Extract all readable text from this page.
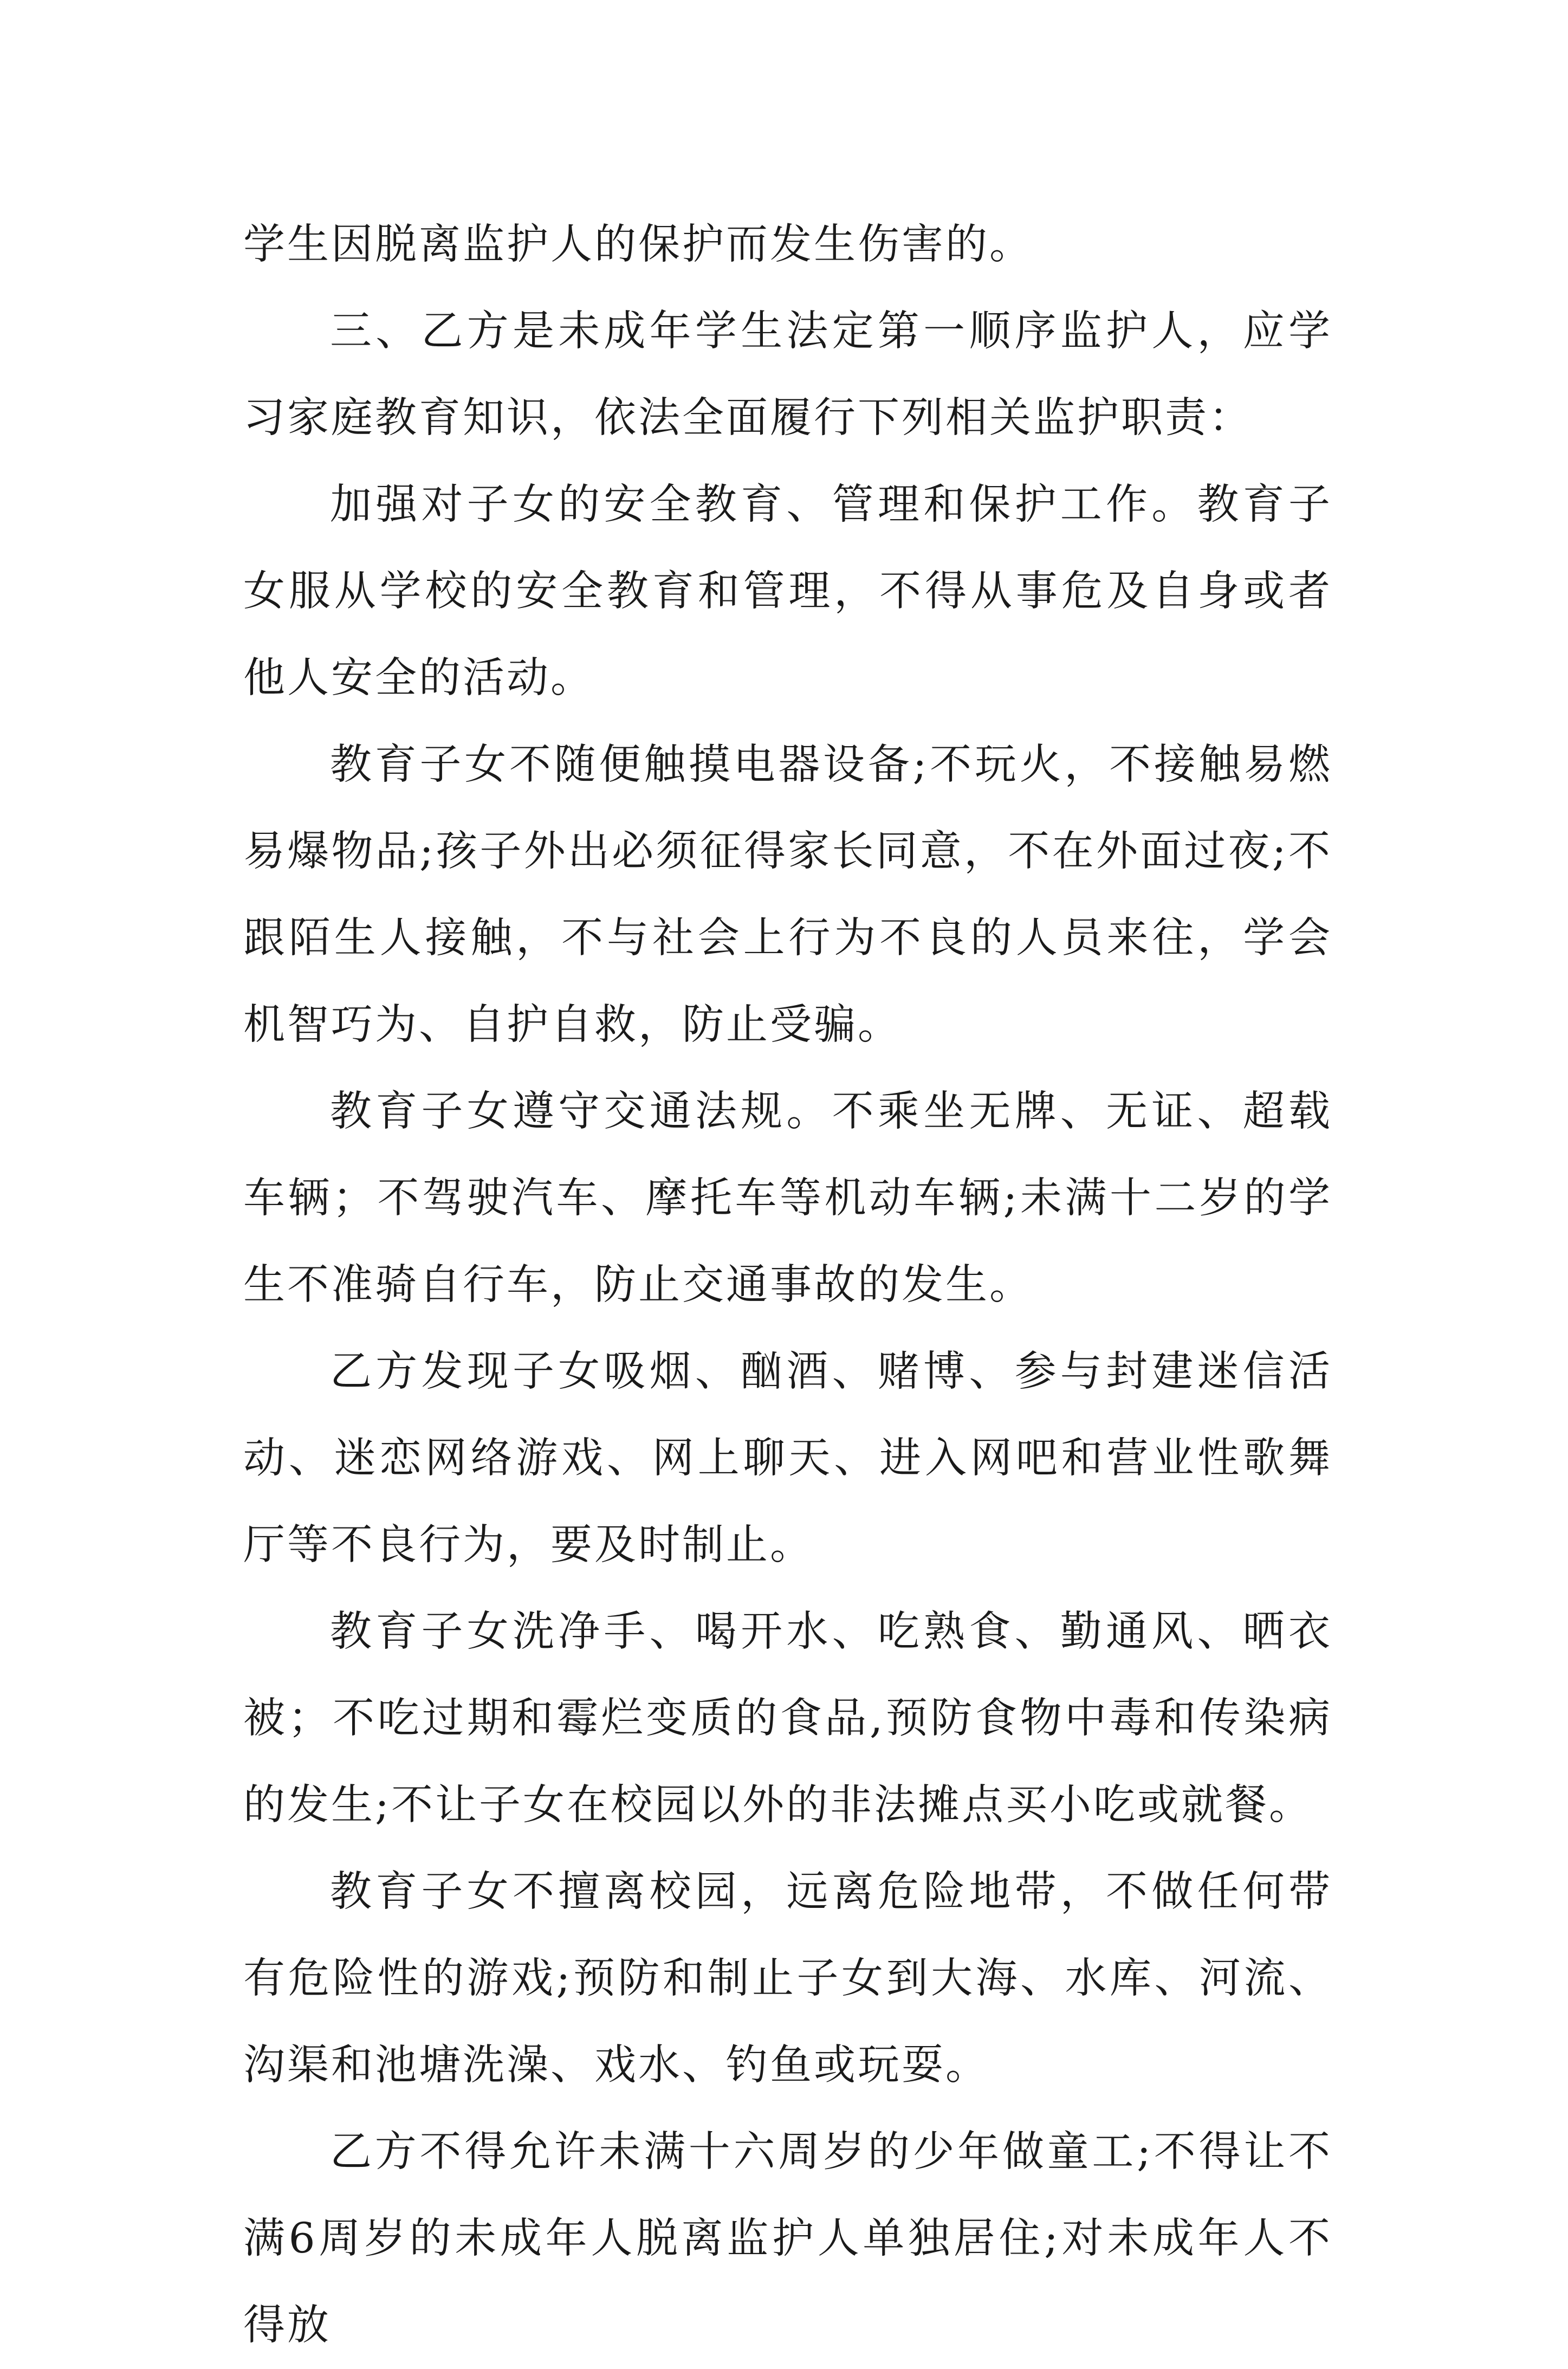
学生因脱离监护人的保护而发生伤害的。

三、乙方是未成年学生法定第一顺序监护人，应学习家庭教育知识，依法全面履行下列相关监护职责：

加强对子女的安全教育、管理和保护工作。教育子女服从学校的安全教育和管理，不得从事危及自身或者他人安全的活动。

教育子女不随便触摸电器设备;不玩火，不接触易燃易爆物品;孩子外出必须征得家长同意，不在外面过夜;不跟陌生人接触，不与社会上行为不良的人员来往，学会机智巧为、自护自救，防止受骗。

教育子女遵守交通法规。不乘坐无牌、无证、超载车辆；不驾驶汽车、摩托车等机动车辆;未满十二岁的学生不准骑自行车，防止交通事故的发生。

乙方发现子女吸烟、酗酒、赌博、参与封建迷信活动、迷恋网络游戏、网上聊天、进入网吧和营业性歌舞厅等不良行为，要及时制止。

教育子女洗净手、喝开水、吃熟食、勤通风、晒衣被；不吃过期和霉烂变质的食品,预防食物中毒和传染病的发生;不让子女在校园以外的非法摊点买小吃或就餐。

教育子女不擅离校园，远离危险地带，不做任何带有危险性的游戏;预防和制止子女到大海、水库、河流、沟渠和池塘洗澡、戏水、钓鱼或玩耍。

乙方不得允许未满十六周岁的少年做童工;不得让不满6周岁的未成年人脱离监护人单独居住;对未成年人不得放
